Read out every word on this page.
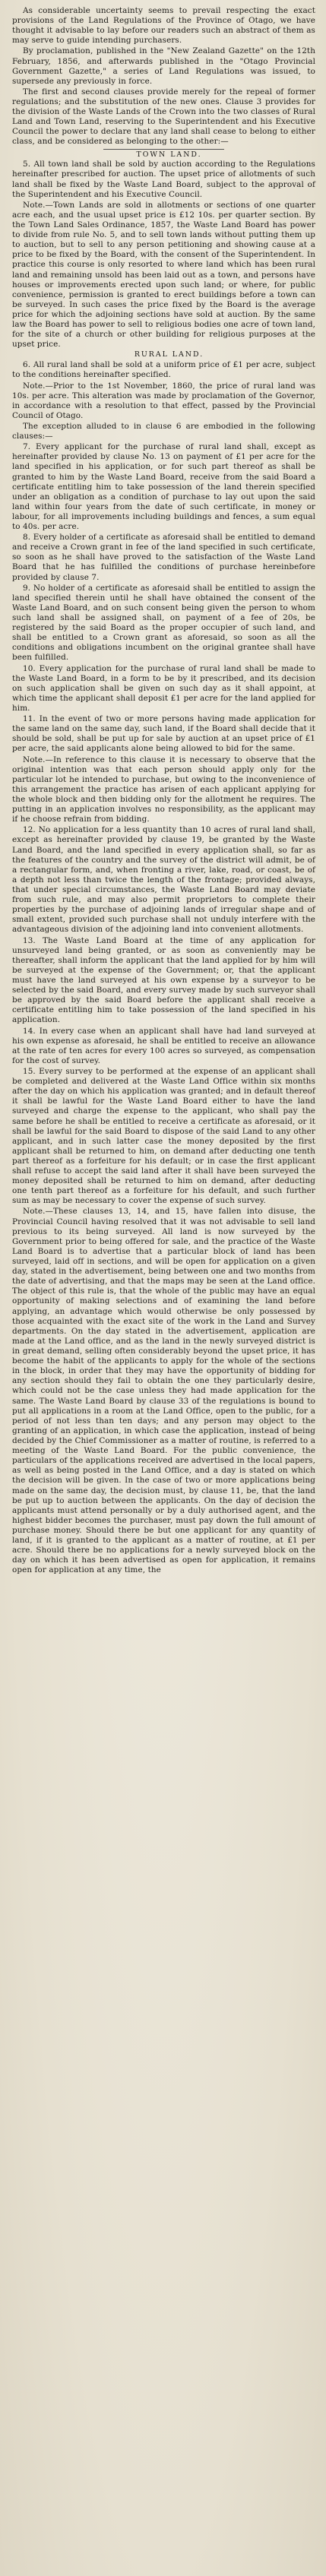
As considerable uncertainty seems to prevail respecting the exact provisions of the Land Regulations of the Province of Otago, we have thought it advisable to lay before our readers such an abstract of them as may serve to guide intending purchasers.

By proclamation, published in the "New Zealand Gazette" on the 12th February, 1856, and afterwards published in the "Otago Provincial Government Gazette," a series of Land Regulations was issued, to supersede any previously in force.

The first and second clauses provide merely for the repeal of former regulations; and the substitution of the new ones. Clause 3 provides for the division of the Waste Lands of the Crown into the two classes of Rural Land and Town Land, reserving to the Superintendent and his Executive Council the power to declare that any land shall cease to belong to either class, and be considered as belonging to the other:—

TOWN LAND.

5. All town land shall be sold by auction according to the Regulations hereinafter prescribed for auction. The upset price of allotments of such land shall be fixed by the Waste Land Board, subject to the approval of the Superintendent and his Executive Council.

Note.—Town Lands are sold in allotments or sections of one quarter acre each, and the usual upset price is £12 10s. per quarter section. By the Town Land Sales Ordinance, 1857, the Waste Land Board has power to divide from rule No. 5, and to sell town lands without putting them up to auction, but to sell to any person petitioning and showing cause at a price to be fixed by the Board, with the consent of the Superintendent. In practice this course is only resorted to where land which has been rural land and remaining unsold has been laid out as a town, and persons have houses or improvements erected upon such land; or where, for public convenience, permission is granted to erect buildings before a town can be surveyed. In such cases the price fixed by the Board is the average price for which the adjoining sections have sold at auction. By the same law the Board has power to sell to religious bodies one acre of town land, for the site of a church or other building for religious purposes at the upset price.

RURAL LAND.

6. All rural land shall be sold at a uniform price of £1 per acre, subject to the conditions hereinafter specified.

Note.—Prior to the 1st November, 1860, the price of rural land was 10s. per acre. This alteration was made by proclamation of the Governor, in accordance with a resolution to that effect, passed by the Provincial Council of Otago.

The exception alluded to in clause 6 are embodied in the following clauses:—

7. Every applicant for the purchase of rural land shall, except as hereinafter provided by clause No. 13 on payment of £1 per acre for the land specified in his application, or for such part thereof as shall be granted to him by the Waste Land Board, receive from the said Board a certificate entitling him to take possession of the land therein specified under an obligation as a condition of purchase to lay out upon the said land within four years from the date of such certificate, in money or labour, for all improvements including buildings and fences, a sum equal to 40s. per acre.

8. Every holder of a certificate as aforesaid shall be entitled to demand and receive a Crown grant in fee of the land specified in such certificate, so soon as he shall have proved to the satisfaction of the Waste Land Board that he has fulfilled the conditions of purchase hereinbefore provided by clause 7.

9. No holder of a certificate as aforesaid shall be entitled to assign the land specified therein until he shall have obtained the consent of the Waste Land Board, and on such consent being given the person to whom such land shall be assigned shall, on payment of a fee of 20s, be registered by the said Board as the proper occupier of such land, and shall be entitled to a Crown grant as aforesaid, so soon as all the conditions and obligations incumbent on the original grantee shall have been fulfilled.

10. Every application for the purchase of rural land shall be made to the Waste Land Board, in a form to be by it prescribed, and its decision on such application shall be given on such day as it shall appoint, at which time the applicant shall deposit £1 per acre for the land applied for him.

11. In the event of two or more persons having made application for the same land on the same day, such land, if the Board shall decide that it should be sold, shall be put up for sale by auction at an upset price of £1 per acre, the said applicants alone being allowed to bid for the same.

Note.—In reference to this clause it is necessary to observe that the original intention was that each person should apply only for the particular lot he intended to purchase, but owing to the inconvenience of this arrangement the practice has arisen of each applicant applying for the whole block and then bidding only for the allotment he requires. The putting in an application involves no responsibility, as the applicant may if he choose refrain from bidding.

12. No application for a less quantity than 10 acres of rural land shall, except as hereinafter provided by clause 19, be granted by the Waste Land Board, and the land specified in every application shall, so far as the features of the country and the survey of the district will admit, be of a rectangular form, and, when fronting a river, lake, road, or coast, be of a depth not less than twice the length of the frontage; provided always, that under special circumstances, the Waste Land Board may deviate from such rule, and may also permit proprietors to complete their properties by the purchase of adjoining lands of irregular shape and of small extent, provided such purchase shall not unduly interfere with the advantageous division of the adjoining land into convenient allotments.

13. The Waste Land Board at the time of any application for unsurveyed land being granted, or as soon as conveniently may be thereafter, shall inform the applicant that the land applied for by him will be surveyed at the expense of the Government; or, that the applicant must have the land surveyed at his own expense by a surveyor to be selected by the said Board, and every survey made by such surveyor shall be approved by the said Board before the applicant shall receive a certificate entitling him to take possession of the land specified in his application.

14. In every case when an applicant shall have had land surveyed at his own expense as aforesaid, he shall be entitled to receive an allowance at the rate of ten acres for every 100 acres so surveyed, as compensation for the cost of survey.

15. Every survey to be performed at the expense of an applicant shall be completed and delivered at the Waste Land Office within six months after the day on which his application was granted; and in default thereof it shall be lawful for the Waste Land Board either to have the land surveyed and charge the expense to the applicant, who shall pay the same before he shall be entitled to receive a certificate as aforesaid, or it shall be lawful for the said Board to dispose of the said Land to any other applicant, and in such latter case the money deposited by the first applicant shall be returned to him, on demand after deducting one tenth part thereof as a forfeiture for his default; or in case the first applicant shall refuse to accept the said land after it shall have been surveyed the money deposited shall be returned to him on demand, after deducting one tenth part thereof as a forfeiture for his default, and such further sum as may be necessary to cover the expense of such survey.

Note.—These clauses 13, 14, and 15, have fallen into disuse, the Provincial Council having resolved that it was not advisable to sell land previous to its being surveyed. All land is now surveyed by the Government prior to being offered for sale, and the practice of the Waste Land Board is to advertise that a particular block of land has been surveyed, laid off in sections, and will be open for application on a given day, stated in the advertisement, being between one and two months from the date of advertising, and that the maps may be seen at the Land office. The object of this rule is, that the whole of the public may have an equal opportunity of making selections and of examining the land before applying, an advantage which would otherwise be only possessed by those acquainted with the exact site of the work in the Land and Survey departments. On the day stated in the advertisement, application are made at the Land office, and as the land in the newly surveyed district is in great demand, selling often considerably beyond the upset price, it has become the habit of the applicants to apply for the whole of the sections in the block, in order that they may have the opportunity of bidding for any section should they fail to obtain the one they particularly desire, which could not be the case unless they had made application for the same. The Waste Land Board by clause 33 of the regulations is bound to put all applications in a room at the Land Office, open to the public, for a period of not less than ten days; and any person may object to the granting of an application, in which case the application, instead of being decided by the Chief Commissioner as a matter of routine, is referred to a meeting of the Waste Land Board. For the public convenience, the particulars of the applications received are advertised in the local papers, as well as being posted in the Land Office, and a day is stated on which the decision will be given. In the case of two or more applications being made on the same day, the decision must, by clause 11, be, that the land be put up to auction between the applicants. On the day of decision the applicants must attend personally or by a duly authorised agent, and the highest bidder becomes the purchaser, must pay down the full amount of purchase money. Should there be but one applicant for any quantity of land, if it is granted to the applicant as a matter of routine, at £1 per acre. Should there be no applications for a newly surveyed block on the day on which it has been advertised as open for application, it remains open for application at any time, the
